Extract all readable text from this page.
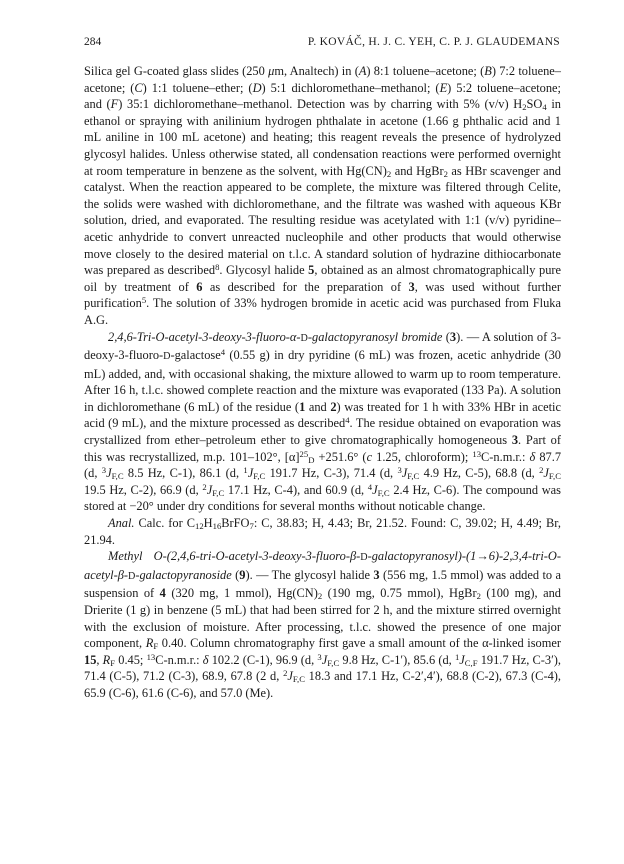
284	P. KOVÁČ, H. J. C. YEH, C. P. J. GLAUDEMANS

Silica gel G-coated glass slides (250 μm, Analtech) in (A) 8:1 toluene–acetone; (B) 7:2 toluene–acetone; (C) 1:1 toluene–ether; (D) 5:1 dichloromethane–methanol; (E) 5:2 toluene–acetone; and (F) 35:1 dichloromethane–methanol. Detection was by charring with 5% (v/v) $H_2SO_4$ in ethanol or spraying with anilinium hydrogen phthalate in acetone (1.66 g phthalic acid and 1 mL aniline in 100 mL acetone) and heating; this reagent reveals the presence of hydrolyzed glycosyl halides. Unless otherwise stated, all condensation reactions were performed overnight at room temperature in benzene as the solvent, with $Hg(CN)_2$ and HgBr$_2$ as HBr scavenger and catalyst. When the reaction appeared to be complete, the mixture was filtered through Celite, the solids were washed with dichloromethane, and the filtrate was washed with aqueous KBr solution, dried, and evaporated. The resulting residue was acetylated with 1:1 (v/v) pyridine–acetic anhydride to convert unreacted nucleophile and other products that would otherwise move closely to the desired material on t.l.c. A standard solution of hydrazine dithiocarbonate was prepared as described$^8$. Glycosyl halide 5, obtained as an almost chromatographically pure oil by treatment of 6 as described for the preparation of 3, was used without further purification$^5$. The solution of 33% hydrogen bromide in acetic acid was purchased from Fluka A.G.

2,4,6-Tri-O-acetyl-3-deoxy-3-fluoro-α-D-galactopyranosyl bromide (3). — A solution of 3-deoxy-3-fluoro-D-galactose$^4$ (0.55 g) in dry pyridine (6 mL) was frozen, acetic anhydride (30 mL) added, and, with occasional shaking, the mixture allowed to warm up to room temperature. After 16 h, t.l.c. showed complete reaction and the mixture was evaporated (133 Pa). A solution in dichloromethane (6 mL) of the residue (1 and 2) was treated for 1 h with 33% HBr in acetic acid (9 mL), and the mixture processed as described$^4$. The residue obtained on evaporation was crystallized from ether–petroleum ether to give chromatographically homogeneous 3. Part of this was recrystallized, m.p. 101–102°, $[\alpha]^{25}_D +251.6^\circ$ (c 1.25, chloroform); $^{13}$C-n.m.r.: δ 87.7 (d, $^3J_{F,C}$ 8.5 Hz, C-1), 86.1 (d, $^1J_{F,C}$ 191.7 Hz, C-3), 71.4 (d, $^3J_{F,C}$ 4.9 Hz, C-5), 68.8 (d, $^2J_{F,C}$ 19.5 Hz, C-2), 66.9 (d, $^2J_{F,C}$ 17.1 Hz, C-4), and 60.9 (d, $^4J_{F,C}$ 2.4 Hz, C-6). The compound was stored at −20° under dry conditions for several months without noticable change.

Anal. Calc. for $C_{12}H_{16}BrFO_7$: C, 38.83; H, 4.43; Br, 21.52. Found: C, 39.02; H, 4.49; Br, 21.94.

Methyl O-(2,4,6-tri-O-acetyl-3-deoxy-3-fluoro-β-D-galactopyranosyl)-(1→6)-2,3,4-tri-O-acetyl-β-D-galactopyranoside (9). — The glycosyl halide 3 (556 mg, 1.5 mmol) was added to a suspension of 4 (320 mg, 1 mmol), $Hg(CN)_2$ (190 mg, 0.75 mmol), HgBr$_2$ (100 mg), and Drierite (1 g) in benzene (5 mL) that had been stirred for 2 h, and the mixture stirred overnight with the exclusion of moisture. After processing, t.l.c. showed the presence of one major component, $R_F$ 0.40. Column chromatography first gave a small amount of the α-linked isomer 15, $R_F$ 0.45; $^{13}$C-n.m.r.: δ 102.2 (C-1), 96.9 (d, $^3J_{F,C}$ 9.8 Hz, C-1′), 85.6 (d, $^1J_{C,F}$ 191.7 Hz, C-3′), 71.4 (C-5), 71.2 (C-3), 68.9, 67.8 (2 d, $^2J_{F,C}$ 18.3 and 17.1 Hz, C-2′,4′), 68.8 (C-2), 67.3 (C-4), 65.9 (C-6), 61.6 (C-6), and 57.0 (Me).
